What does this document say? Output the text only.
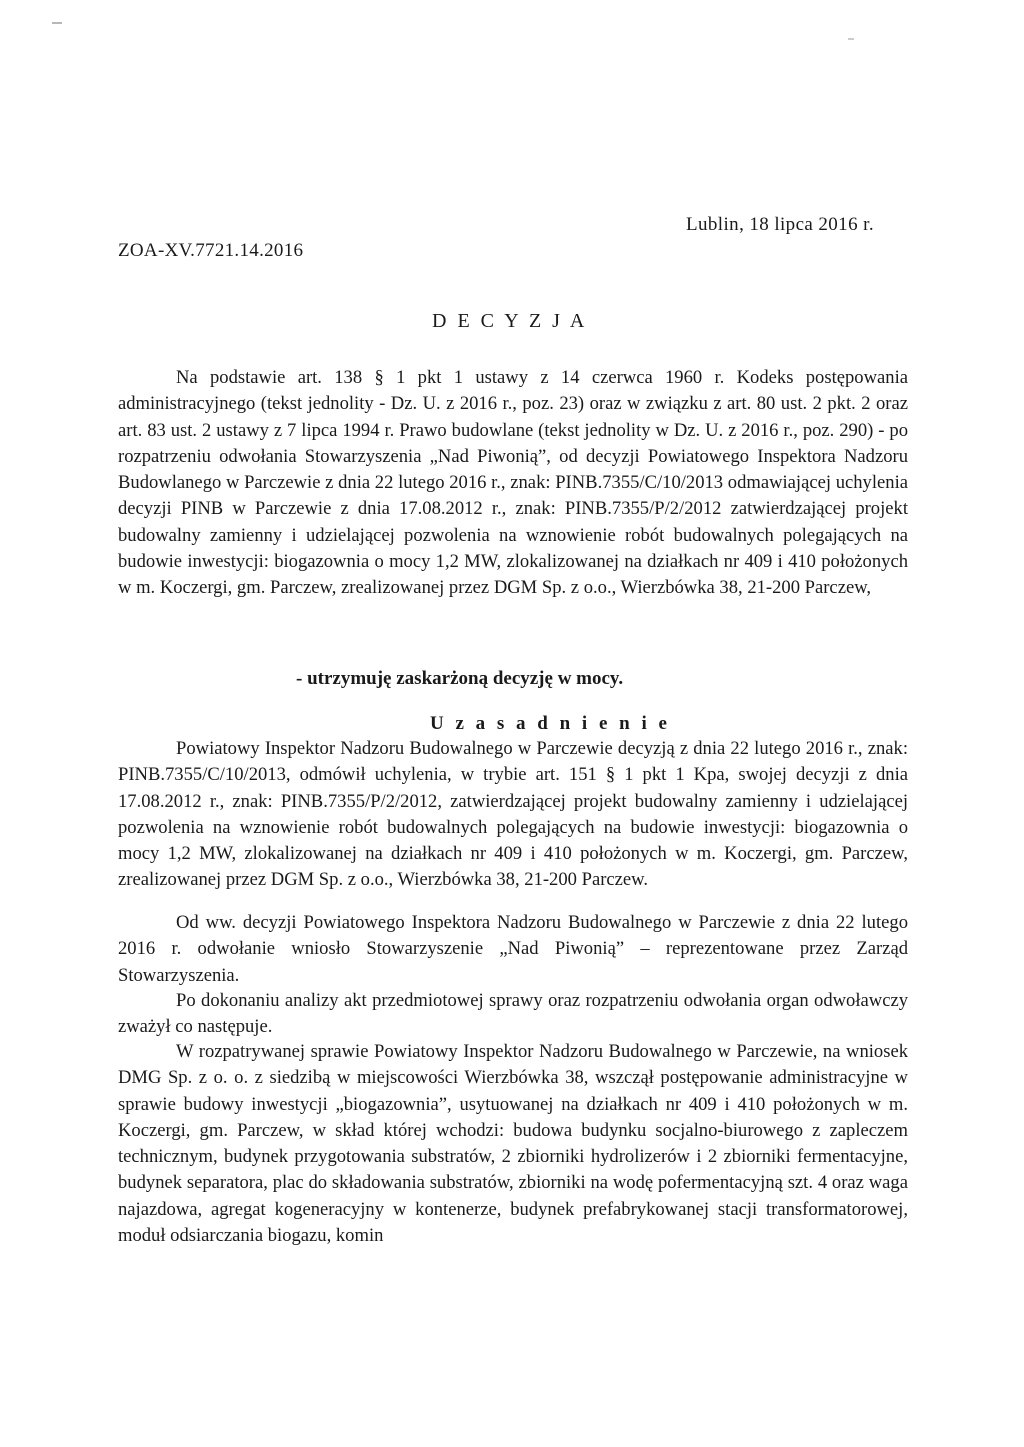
ZOA-XV.7721.14.2016
Lublin, 18 lipca 2016 r.
D E C Y Z J A

Na podstawie art. 138 § 1 pkt 1 ustawy z 14 czerwca 1960 r. Kodeks postępowania administracyjnego (tekst jednolity - Dz. U. z 2016 r., poz. 23) oraz w związku z art. 80 ust. 2 pkt. 2 oraz art. 83 ust. 2 ustawy z 7 lipca 1994 r. Prawo budowlane (tekst jednolity w Dz. U. z 2016 r., poz. 290) - po rozpatrzeniu odwołania Stowarzyszenia „Nad Piwonią”, od decyzji Powiatowego Inspektora Nadzoru Budowlanego w Parczewie z dnia 22 lutego 2016 r., znak: PINB.7355/C/10/2013 odmawiającej uchylenia decyzji PINB w Parczewie z dnia 17.08.2012 r., znak: PINB.7355/P/2/2012 zatwierdzającej projekt budowalny zamienny i udzielającej pozwolenia na wznowienie robót budowalnych polegających na budowie inwestycji: biogazownia o mocy 1,2 MW, zlokalizowanej na działkach nr 409 i 410 położonych w m. Koczergi, gm. Parczew, zrealizowanej przez DGM Sp. z o.o., Wierzbówka 38, 21-200 Parczew,

- utrzymuję zaskarżoną decyzję w mocy.
U z a s a d n i e n i e

Powiatowy Inspektor Nadzoru Budowalnego w Parczewie decyzją z dnia 22 lutego 2016 r., znak: PINB.7355/C/10/2013, odmówił uchylenia, w trybie art. 151 § 1 pkt 1 Kpa, swojej decyzji z dnia 17.08.2012 r., znak: PINB.7355/P/2/2012, zatwierdzającej projekt budowalny zamienny i udzielającej pozwolenia na wznowienie robót budowalnych polegających na budowie inwestycji: biogazownia o mocy 1,2 MW, zlokalizowanej na działkach nr 409 i 410 położonych w m. Koczergi, gm. Parczew, zrealizowanej przez DGM Sp. z o.o., Wierzbówka 38, 21-200 Parczew.

Od ww. decyzji Powiatowego Inspektora Nadzoru Budowalnego w Parczewie z dnia 22 lutego 2016 r. odwołanie wniosło Stowarzyszenie „Nad Piwonią” – reprezentowane przez Zarząd Stowarzyszenia.

Po dokonaniu analizy akt przedmiotowej sprawy oraz rozpatrzeniu odwołania organ odwoławczy zważył co następuje.

W rozpatrywanej sprawie Powiatowy Inspektor Nadzoru Budowalnego w Parczewie, na wniosek DMG Sp. z o. o. z siedzibą w miejscowości Wierzbówka 38, wszczął postępowanie administracyjne w sprawie budowy inwestycji „biogazownia”, usytuowanej na działkach nr 409 i 410 położonych w m. Koczergi, gm. Parczew, w skład której wchodzi: budowa budynku socjalno-biurowego z zapleczem technicznym, budynek przygotowania substratów, 2 zbiorniki hydrolizerów i 2 zbiorniki fermentacyjne, budynek separatora, plac do składowania substratów, zbiorniki na wodę pofermentacyjną szt. 4 oraz waga najazdowa, agregat kogeneracyjny w kontenerze, budynek prefabrykowanej stacji transformatorowej, moduł odsiarczania biogazu, komin
